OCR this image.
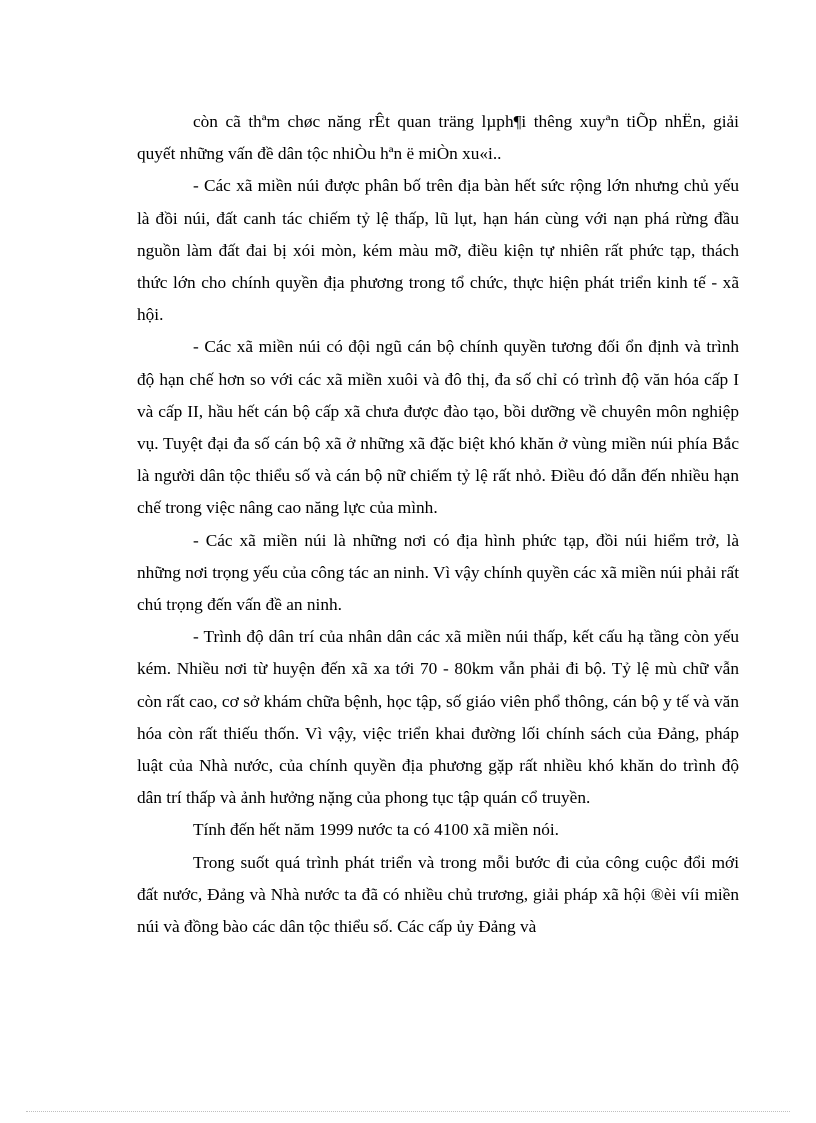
còn cã thªm chøc năng rÊt quan träng lµph¶i thêng xuyªn tiÕp nhËn, giải quyết những vấn đề dân tộc nhiÒu hªn ë miÒn xu«i..

- Các xã miền núi được phân bố trên địa bàn hết sức rộng lớn nhưng chủ yếu là đồi núi, đất canh tác chiếm tỷ lệ thấp, lũ lụt, hạn hán cùng với nạn phá rừng đầu nguồn làm đất đai bị xói mòn, kém màu mỡ, điều kiện tự nhiên rất phức tạp, thách thức lớn cho chính quyền địa phương trong tổ chức, thực hiện phát triển kinh tế - xã hội.

- Các xã miền núi có đội ngũ cán bộ chính quyền tương đối ổn định và trình độ hạn chế hơn so với các xã miền xuôi và đô thị, đa số chỉ có trình độ văn hóa cấp I và cấp II, hầu hết cán bộ cấp xã chưa được đào tạo, bồi dưỡng về chuyên môn nghiệp vụ. Tuyệt đại đa số cán bộ xã ở những xã đặc biệt khó khăn ở vùng miền núi phía Bắc là người dân tộc thiểu số và cán bộ nữ chiếm tỷ lệ rất nhỏ. Điều đó dẫn đến nhiều hạn chế trong việc nâng cao năng lực của mình.

- Các xã miền núi là những nơi có địa hình phức tạp, đồi núi hiểm trở, là những nơi trọng yếu của công tác an ninh. Vì vậy chính quyền các xã miền núi phải rất chú trọng đến vấn đề an ninh.

- Trình độ dân trí của nhân dân các xã miền núi thấp, kết cấu hạ tầng còn yếu kém. Nhiều nơi từ huyện đến xã xa tới 70 - 80km vẫn phải đi bộ. Tỷ lệ mù chữ vẫn còn rất cao, cơ sở khám chữa bệnh, học tập, số giáo viên phổ thông, cán bộ y tế và văn hóa còn rất thiếu thốn. Vì vậy, việc triển khai đường lối chính sách của Đảng, pháp luật của Nhà nước, của chính quyền địa phương gặp rất nhiều khó khăn do trình độ dân trí thấp và ảnh hưởng nặng của phong tục tập quán cổ truyền.

Tính đến hết năm 1999 nước ta có 4100 xã miền nói.

Trong suốt quá trình phát triển và trong mỗi bước đi của công cuộc đổi mới đất nước, Đảng và Nhà nước ta đã có nhiều chủ trương, giải pháp xã hội ®èi víi miền núi và đồng bào các dân tộc thiểu số. Các cấp ủy Đảng và
